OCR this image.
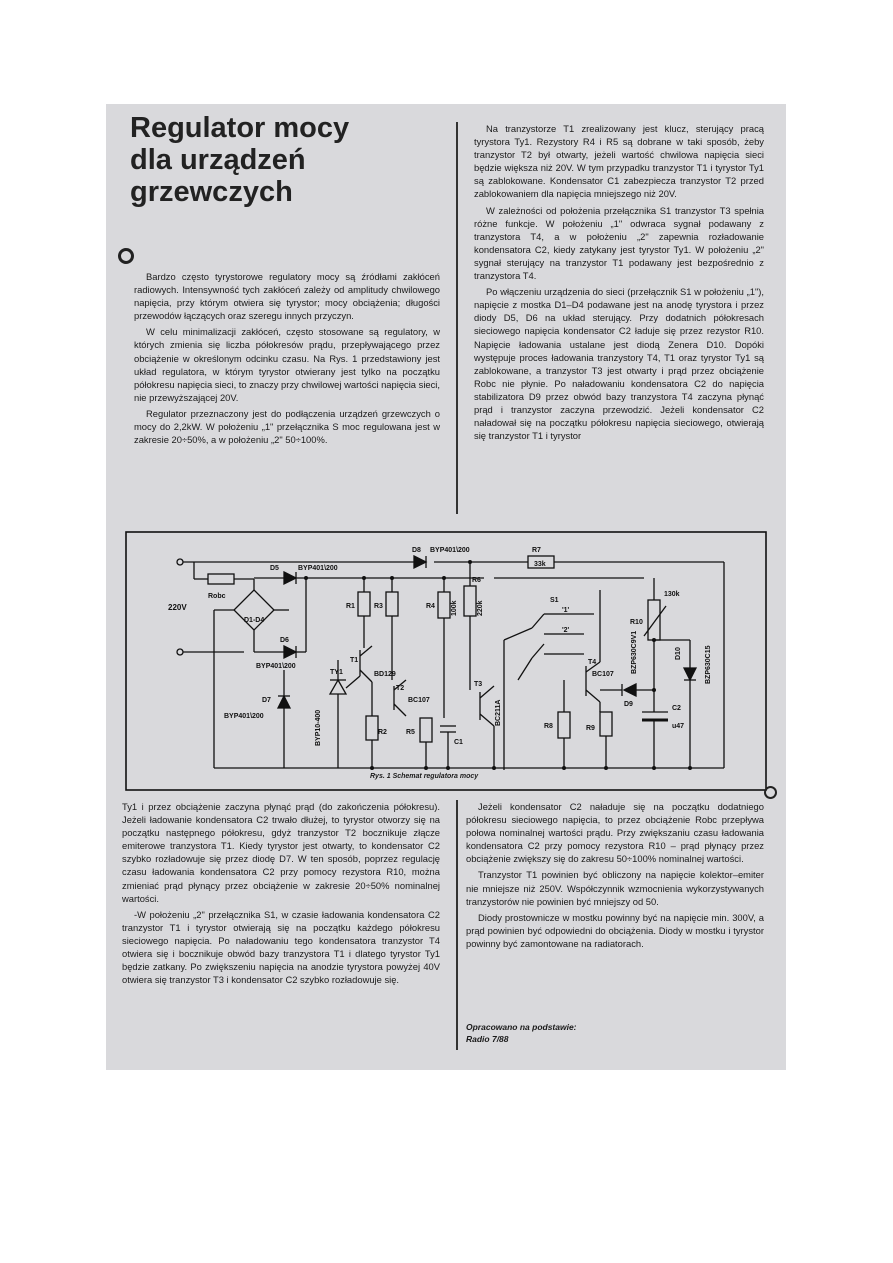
Regulator mocy dla urządzeń grzewczych

Bardzo często tyrystorowe regulatory mocy są źródłami zakłóceń radiowych. Intensywność tych zakłóceń zależy od amplitudy chwilowego napięcia, przy którym otwiera się tyrystor; mocy obciążenia; długości przewodów łączących oraz szeregu innych przyczyn.

W celu minimalizacji zakłóceń, często stosowane są regulatory, w których zmienia się liczba półokresów prądu, przepływającego przez obciążenie w określonym odcinku czasu. Na Rys. 1 przedstawiony jest układ regulatora, w którym tyrystor otwierany jest tylko na początku półokresu napięcia sieci, to znaczy przy chwilowej wartości napięcia sieci, nie przewyższającej 20V.

Regulator przeznaczony jest do podłączenia urządzeń grzewczych o mocy do 2,2kW. W położeniu „1" przełącznika S moc regulowana jest w zakresie 20÷50%, a w położeniu „2" 50÷100%.

Na tranzystorze T1 zrealizowany jest klucz, sterujący pracą tyrystora Ty1. Rezystory R4 i R5 są dobrane w taki sposób, żeby tranzystor T2 był otwarty, jeżeli wartość chwilowa napięcia sieci będzie większa niż 20V. W tym przypadku tranzystor T1 i tyrystor Ty1 są zablokowane. Kondensator C1 zabezpiecza tranzystor T2 przed zablokowaniem dla napięcia mniejszego niż 20V.

W zależności od położenia przełącznika S1 tranzystor T3 spełnia różne funkcje. W położeniu „1" odwraca sygnał podawany z tranzystora T4, a w położeniu „2" zapewnia rozładowanie kondensatora C2, kiedy zatykany jest tyrystor Ty1. W położeniu „2" sygnał sterujący na tranzystor T1 podawany jest bezpośrednio z tranzystora T4.

Po włączeniu urządzenia do sieci (przełącznik S1 w położeniu „1"), napięcie z mostka D1–D4 podawane jest na anodę tyrystora i przez diody D5, D6 na układ sterujący. Przy dodatnich półokresach sieciowego napięcia kondensator C2 ładuje się przez rezystor R10. Napięcie ładowania ustalane jest diodą Zenera D10. Dopóki występuje proces ładowania tranzystory T4, T1 oraz tyrystor Ty1 są zablokowane, a tranzystor T3 jest otwarty i prąd przez obciążenie Robc nie płynie. Po naładowaniu kondensatora C2 do napięcia stabilizatora D9 przez obwód bazy tranzystora T4 zaczyna płynąć prąd i tranzystor zaczyna przewodzić. Jeżeli kondensator C2 naładował się na początku półokresu napięcia sieciowego, otwierają się tranzystor T1 i tyrystor

220V
Robc
D5	BYP401\200
D8 BYP401\200	R7
33k
D1-D4
D6
BYP401\200
D7
BYP401\200
TY1
BYP10-400
R1	R3	R4 100k
R6
220k
T1
BD129
T2
BC107
T3
BC211A
T4
BC107
S1
'1'
'2'
R2	R5
C1
R8	R9
D9
BZP630C9V1
R10
130k
D10	BZP630C15
C2
u47
Rys. 1 Schemat regulatora mocy

Ty1 i przez obciążenie zaczyna płynąć prąd (do zakończenia półokresu). Jeżeli ładowanie kondensatora C2 trwało dłużej, to tyrystor otworzy się na początku następnego półokresu, gdyż tranzystor T2 bocznikuje złącze emiterowe tranzystora T1. Kiedy tyrystor jest otwarty, to kondensator C2 szybko rozładowuje się przez diodę D7. W ten sposób, poprzez regulację czasu ładowania kondensatora C2 przy pomocy rezystora R10, można zmieniać prąd płynący przez obciążenie w zakresie 20÷50% nominalnej wartości.

-W położeniu „2" przełącznika S1, w czasie ładowania kondensatora C2 tranzystor T1 i tyrystor otwierają się na początku każdego półokresu sieciowego napięcia. Po naładowaniu tego kondensatora tranzystor T4 otwiera się i bocznikuje obwód bazy tranzystora T1 i dlatego tyrystor Ty1 będzie zatkany. Po zwiększeniu napięcia na anodzie tyrystora powyżej 40V otwiera się tranzystor T3 i kondensator C2 szybko rozładowuje się.

Jeżeli kondensator C2 naładuje się na początku dodatniego półokresu sieciowego napięcia, to przez obciążenie Robc przepływa połowa nominalnej wartości prądu. Przy zwiększaniu czasu ładowania kondensatora C2 przy pomocy rezystora R10 – prąd płynący przez obciążenie zwiększy się do zakresu 50÷100% nominalnej wartości.

Tranzystor T1 powinien być obliczony na napięcie kolektor–emiter nie mniejsze niż 250V. Współczynnik wzmocnienia wykorzystywanych tranzystorów nie powinien być mniejszy od 50.

Diody prostownicze w mostku powinny być na napięcie min. 300V, a prąd powinien być odpowiedni do obciążenia. Diody w mostku i tyrystor powinny być zamontowane na radiatorach.

Opracowano na podstawie:
Radio 7/88
